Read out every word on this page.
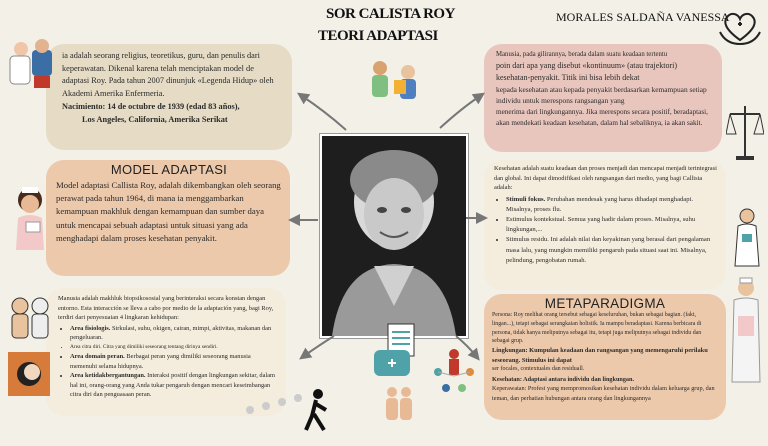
SOR CALISTA ROY
TEORI ADAPTASI
MORALES SALDAÑA VANESSA
ia adalah seorang religius, teoretikus, guru, dan penulis dari keperawatan. Dikenal karena telah menciptakan model de adaptasi Roy. Pada tahun 2007 dinunjuk «Legenda Hidup» oleh Akademi Amerika Enfermeria.
Nacimiento: 14 de octubre de 1939 (edad 83 años),
Los Angeles, California, Amerika Serikat
MODEL ADAPTASI
Model adaptasi Callista Roy, adalah dikembangkan oleh seorang perawat pada tahun 1964, di mana ia menggambarkan kemampuan makhluk dengan kemampuan dan sumber daya untuk mencapai sebuah adaptasi untuk situasi yang ada menghadapi dalam proses kesehatan penyakit.
Manusia adalah makhluk biopsikososial yang berinteraksi secara konstan dengan entorno. Esta interacción se lleva a cabo por medio de la adaptación yang, bagi Roy, terdiri dari penyesuaian 4 lingkaran kehidupan:
• Area fisiologis. Sirkulasi, suhu, okigen, cairan, mimpi, aktivitas, makanan dan pengeluaran.
• Area citra diri. Citra yang dimiliki seseorang tentang dirinya sendiri.
• Area domain peran. Berbagai peran yang dimiliki seseorang manusia memenuhi selama hidupnya.
• Area ketidakbergantungan. Interaksi positif dengan lingkungan sekitar, dalam hal ini, orang-orang yang Anda tukar pengaruh dengan mencari keseimbangan citra diri dan penguasaan peran.
Manusia, pada gilirannya, berada dalam suatu keadaan tertentu
poin dari apa yang disebut «kontinuum» (atau trajektori) kesehatan-penyakit. Titik ini bisa lebih dekat
kepada kesehatan atau kepada penyakit berdasarkan kemampuan setiap individu untuk merespons rangsangan yang
menerima dari lingkungannya. Jika merespons secara positif, beradaptasi, akan mendekati keadaan kesehatan, dalam hal sebaliknya, ia akan sakit.
Kesehatan adalah suatu keadaan dan proses menjadi dan mencapai menjadi terintegrasi dan global. Ini dapat dimodifikasi oleh rangsangan dari medio, yang bagi Callista adalah:
• Stimuli fokus. Perubahan mendesak yang harus dihadapi menghadapi. Misalnya, proses flu.
• Estimulus kontekstual. Semua yang hadir dalam proses. Misalnya, suhu lingkungan,...
• Stimulus residu. Ini adalah nilai dan keyakinan yang berasal dari pengalaman masa lalu, yang mungkin memiliki pengaruh pada situasi saat ini. Misalnya, pelindung, pengobatan rumah.
METAPARADIGMA
Persona: Roy melihat orang tersebut sebagai keseluruhan, bukan sebagai bagian. (fakt, lingan...), tetapi sebagai serangkaian holistik. Ia mampu beradaptasi. Karena berbicara di persona, tidak hanya meliputnya sebagai itu, tetapi juga meliputnya sebagai individu dan sebagai grup.
Lingkungan: Kumpulan keadaan dan rangsangan yang memengaruhi perilaku seseorang. Stimulus ini dapat
ser focales, contextuales dan residuall.
Kesehatan: Adaptasi antara individu dan lingkungan.
Keperawatan: Profesi yang mempromosikan kesehatan individu dalam keluarga grup, dan teman, dan perhatian hubungan antara orang dan lingkungannya
